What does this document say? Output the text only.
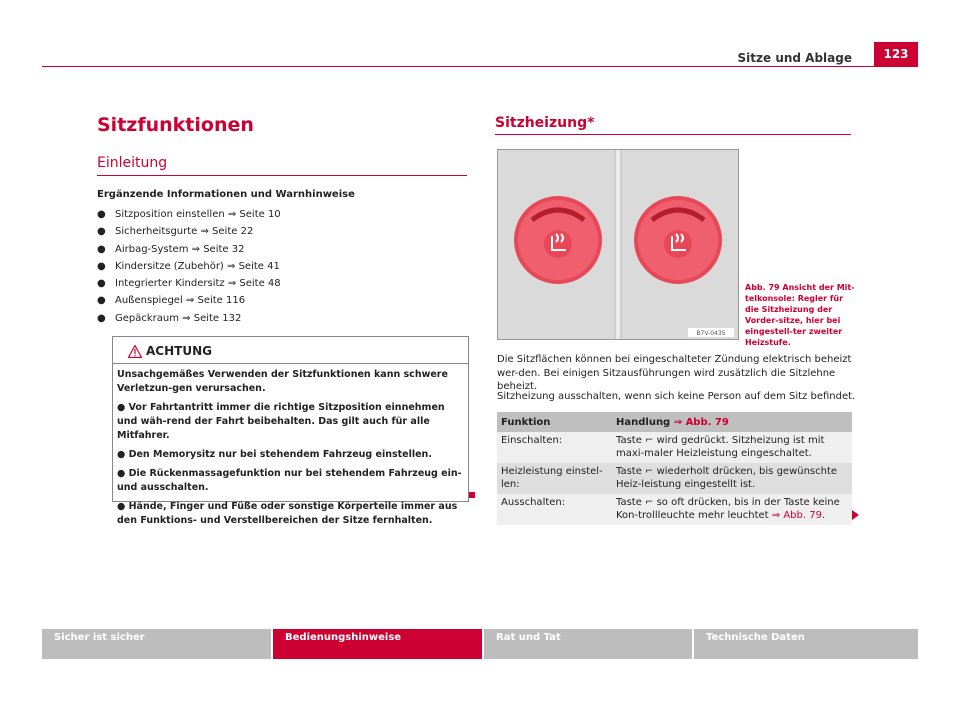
Sitze und Ablage	123
Sitzfunktionen
Einleitung
Ergänzende Informationen und Warnhinweise
● Sitzposition einstellen ⇒ Seite 10
● Sicherheitsgurte ⇒ Seite 22
● Airbag-System ⇒ Seite 32
● Kindersitze (Zubehör) ⇒ Seite 41
● Integrierter Kindersitz ⇒ Seite 48
● Außenspiegel ⇒ Seite 116
● Gepäckraum ⇒ Seite 132
ACHTUNG

Unsachgemäßes Verwenden der Sitzfunktionen kann schwere Verletzun-gen verursachen.

● Vor Fahrtantritt immer die richtige Sitzposition einnehmen und wäh-rend der Fahrt beibehalten. Das gilt auch für alle Mitfahrer.

● Den Memorysitz nur bei stehendem Fahrzeug einstellen.

● Die Rückenmassagefunktion nur bei stehendem Fahrzeug ein- und ausschalten.

● Hände, Finger und Füße oder sonstige Körperteile immer aus den Funktions- und Verstellbereichen der Sitze fernhalten.

Sitzheizung*
B7V-0435
Abb. 79 Ansicht der Mit-telkonsole: Regler für die Sitzheizung der Vorder-sitze, hier bei eingestell-ter zweiter Heizstufe.
Die Sitzflächen können bei eingeschalteter Zündung elektrisch beheizt wer-den. Bei einigen Sitzausführungen wird zusätzlich die Sitzlehne beheizt.
Sitzheizung ausschalten, wenn sich keine Person auf dem Sitz befindet.
Funktion	Handlung ⇒ Abb. 79
Einschalten:	Taste ⌐ wird gedrückt. Sitzheizung ist mit maxi-maler Heizleistung eingeschaltet.
Heizleistung einstel-len:	Taste ⌐ wiederholt drücken, bis gewünschte Heiz-leistung eingestellt ist.
Ausschalten:	Taste ⌐ so oft drücken, bis in der Taste keine Kon-trollleuchte mehr leuchtet ⇒ Abb. 79.
Sicher ist sicher	Bedienungshinweise	Rat und Tat	Technische Daten
